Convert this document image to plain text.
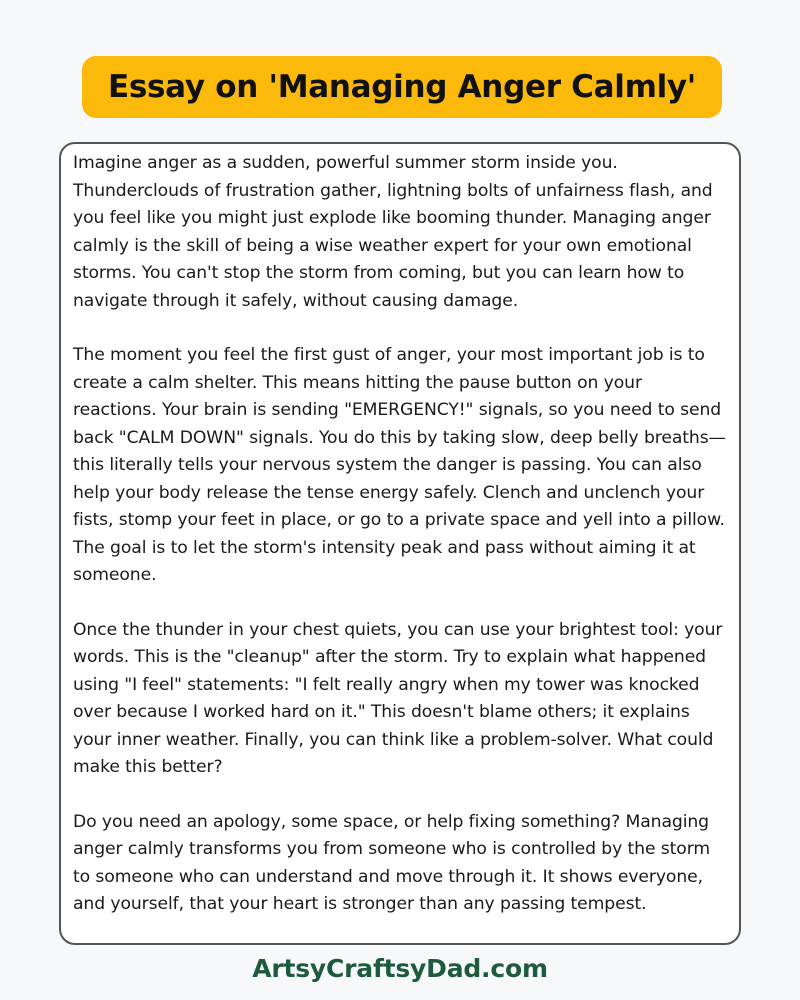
Essay on 'Managing Anger Calmly'

Imagine anger as a sudden, powerful summer storm inside you. Thunderclouds of frustration gather, lightning bolts of unfairness flash, and you feel like you might just explode like booming thunder. Managing anger calmly is the skill of being a wise weather expert for your own emotional storms. You can't stop the storm from coming, but you can learn how to navigate through it safely, without causing damage.

The moment you feel the first gust of anger, your most important job is to create a calm shelter. This means hitting the pause button on your reactions. Your brain is sending "EMERGENCY!" signals, so you need to send back "CALM DOWN" signals. You do this by taking slow, deep belly breaths—this literally tells your nervous system the danger is passing. You can also help your body release the tense energy safely. Clench and unclench your fists, stomp your feet in place, or go to a private space and yell into a pillow. The goal is to let the storm's intensity peak and pass without aiming it at someone.

Once the thunder in your chest quiets, you can use your brightest tool: your words. This is the "cleanup" after the storm. Try to explain what happened using "I feel" statements: "I felt really angry when my tower was knocked over because I worked hard on it." This doesn't blame others; it explains your inner weather. Finally, you can think like a problem-solver. What could make this better?

Do you need an apology, some space, or help fixing something? Managing anger calmly transforms you from someone who is controlled by the storm to someone who can understand and move through it. It shows everyone, and yourself, that your heart is stronger than any passing tempest.

ArtsyCraftsyDad.com
